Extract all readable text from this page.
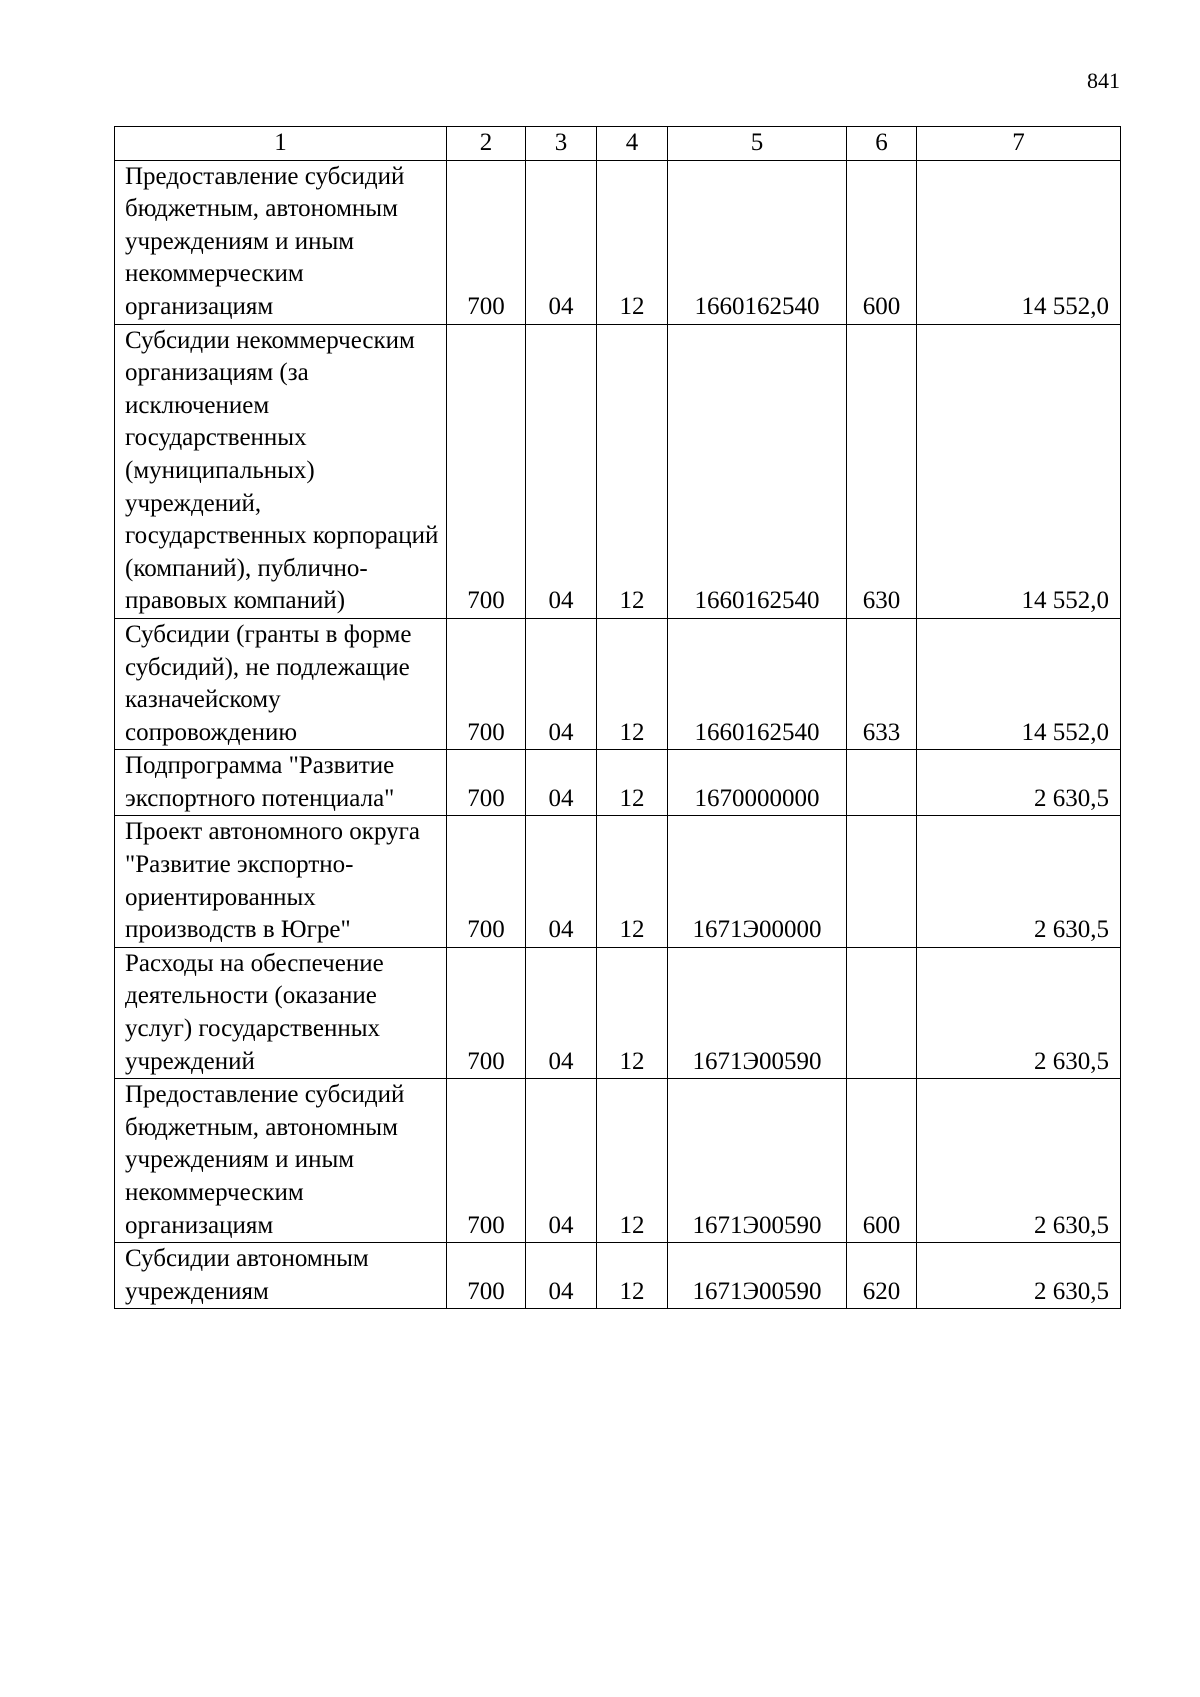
841
1	2	3	4	5	6	7
Предоставление субсидий бюджетным, автономным учреждениям и иным некоммерческим организациям	700	04	12	1660162540	600	14 552,0
Субсидии некоммерческим организациям (за исключением государственных (муниципальных) учреждений, государственных корпораций (компаний), публично-правовых компаний)	700	04	12	1660162540	630	14 552,0
Субсидии (гранты в форме субсидий), не подлежащие казначейскому сопровождению	700	04	12	1660162540	633	14 552,0
Подпрограмма "Развитие экспортного потенциала"	700	04	12	1670000000		2 630,5
Проект автономного округа "Развитие экспортно-ориентированных производств в Югре"	700	04	12	1671Э00000		2 630,5
Расходы на обеспечение деятельности (оказание услуг) государственных учреждений	700	04	12	1671Э00590		2 630,5
Предоставление субсидий бюджетным, автономным учреждениям и иным некоммерческим организациям	700	04	12	1671Э00590	600	2 630,5
Субсидии автономным учреждениям	700	04	12	1671Э00590	620	2 630,5
